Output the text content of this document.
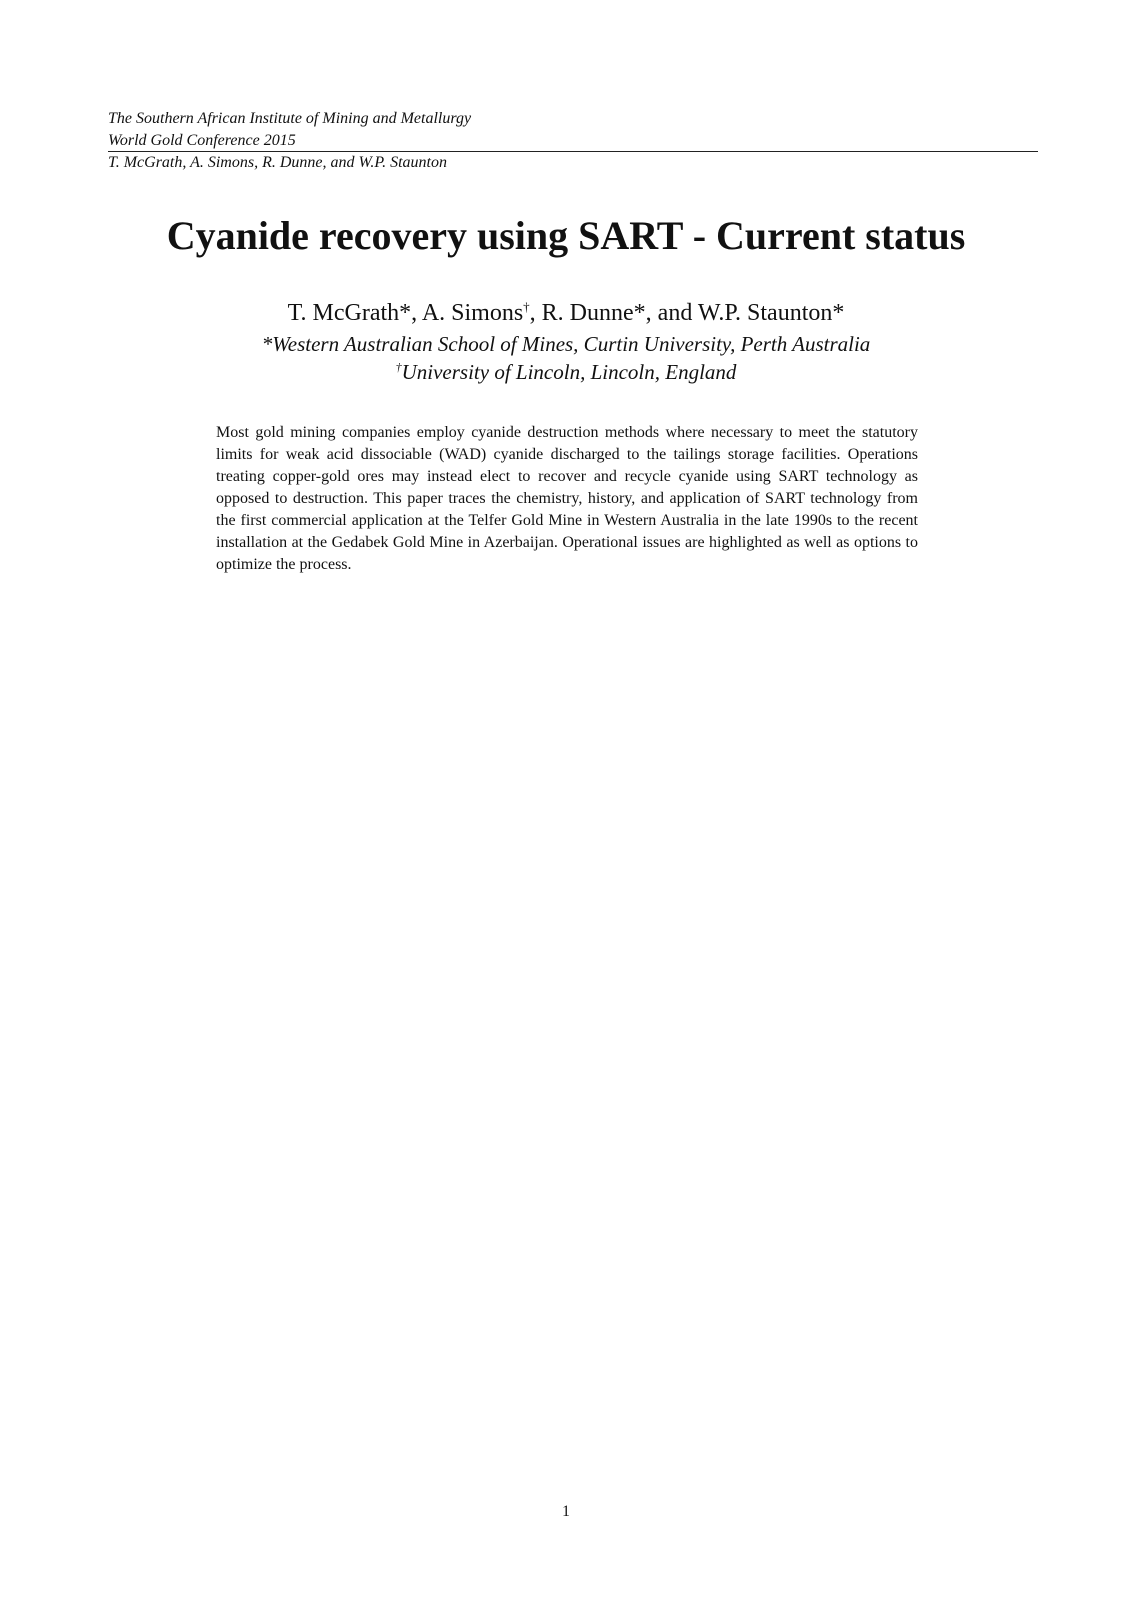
The Southern African Institute of Mining and Metallurgy
World Gold Conference 2015
T. McGrath, A. Simons, R. Dunne, and W.P. Staunton
Cyanide recovery using SART - Current status
T. McGrath*, A. Simons†, R. Dunne*, and W.P. Staunton*
*Western Australian School of Mines, Curtin University, Perth Australia
†University of Lincoln, Lincoln, England

Most gold mining companies employ cyanide destruction methods where necessary to meet the statutory limits for weak acid dissociable (WAD) cyanide discharged to the tailings storage facilities. Operations treating copper-gold ores may instead elect to recover and recycle cyanide using SART technology as opposed to destruction. This paper traces the chemistry, history, and application of SART technology from the first commercial application at the Telfer Gold Mine in Western Australia in the late 1990s to the recent installation at the Gedabek Gold Mine in Azerbaijan. Operational issues are highlighted as well as options to optimize the process.

1
